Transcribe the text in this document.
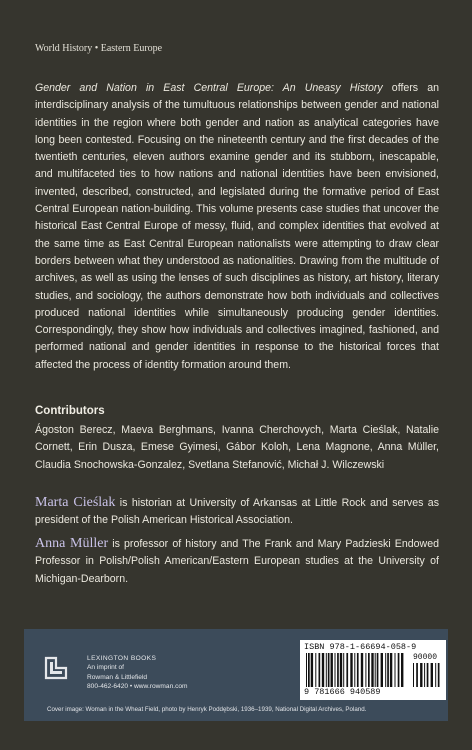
World History • Eastern Europe
Gender and Nation in East Central Europe: An Uneasy History offers an interdisciplinary analysis of the tumultuous relationships between gender and national identities in the region where both gender and nation as analytical categories have long been contested. Focusing on the nineteenth century and the first decades of the twentieth centuries, eleven authors examine gender and its stubborn, inescapable, and multifaceted ties to how nations and national identities have been envisioned, invented, described, constructed, and legislated during the formative period of East Central European nation-building. This volume presents case studies that uncover the historical East Central Europe of messy, fluid, and complex identities that evolved at the same time as East Central European nationalists were attempting to draw clear borders between what they understood as nationalities. Drawing from the multitude of archives, as well as using the lenses of such disciplines as history, art history, literary studies, and sociology, the authors demonstrate how both individuals and collectives produced national identities while simultaneously producing gender identities. Correspondingly, they show how individuals and collectives imagined, fashioned, and performed national and gender identities in response to the historical forces that affected the process of identity formation around them.
Contributors
Ágoston Berecz, Maeva Berghmans, Ivanna Cherchovych, Marta Cieślak, Natalie Cornett, Erin Dusza, Emese Gyimesi, Gábor Koloh, Lena Magnone, Anna Müller, Claudia Snochowska-Gonzalez, Svetlana Stefanović, Michał J. Wilczewski
Marta Cieślak is historian at University of Arkansas at Little Rock and serves as president of the Polish American Historical Association.
Anna Müller is professor of history and The Frank and Mary Padzieski Endowed Professor in Polish/Polish American/Eastern European studies at the University of Michigan-Dearborn.
LEXINGTON BOOKS
An imprint of
Rowman & Littlefield
800-462-6420 • www.rowman.com
ISBN 978-1-66694-058-9
90000
9 781666 940589
Cover image: Woman in the Wheat Field, photo by Henryk Poddębski, 1936–1939, National Digital Archives, Poland.
